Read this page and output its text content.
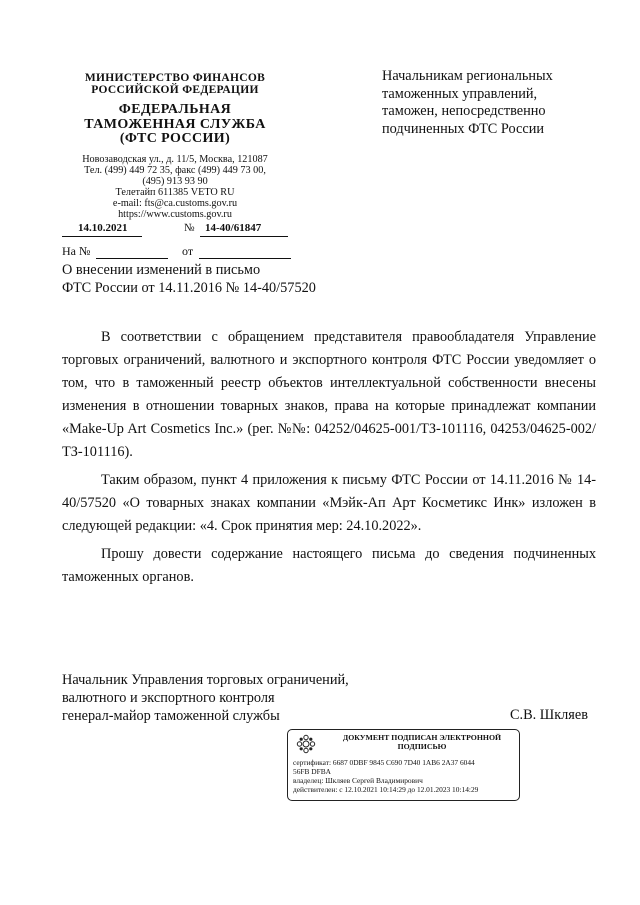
МИНИСТЕРСТВО ФИНАНСОВ
РОССИЙСКОЙ ФЕДЕРАЦИИ
ФЕДЕРАЛЬНАЯ
ТАМОЖЕННАЯ СЛУЖБА
(ФТС РОССИИ)
Новозаводская ул., д. 11/5, Москва, 121087
Тел. (499) 449 72 35, факс (499) 449 73 00,
(495) 913 93 90
Телетайп 611385 VETO RU
e-mail: fts@ca.customs.gov.ru
https://www.customs.gov.ru
14.10.2021	№ 14-40/61847
На №	от
Начальникам региональных
таможенных управлений,
таможен, непосредственно
подчиненных ФТС России
О внесении изменений в письмо
ФТС России от 14.11.2016 № 14-40/57520

В соответствии с обращением представителя правообладателя Управление торговых ограничений, валютного и экспортного контроля ФТС России уведомляет о том, что в таможенный реестр объектов интеллектуальной собственности внесены изменения в отношении товарных знаков, права на которые принадлежат компании «Make-Up Art Cosmetics Inc.» (рег. №№: 04252/04625-001/ТЗ-101116, 04253/04625-002/ТЗ-101116).

Таким образом, пункт 4 приложения к письму ФТС России от 14.11.2016 № 14-40/57520 «О товарных знаках компании «Мэйк-Ап Арт Косметикс Инк» изложен в следующей редакции: «4. Срок принятия мер: 24.10.2022».

Прошу довести содержание настоящего письма до сведения подчиненных таможенных органов.

Начальник Управления торговых ограничений,
валютного и экспортного контроля
генерал-майор таможенной службы	С.В. Шкляев
ДОКУМЕНТ ПОДПИСАН ЭЛЕКТРОННОЙ
ПОДПИСЬЮ
сертификат: 6687 0DBF 9845 C690 7D40 1AB6 2A37 6044
56FB DFBA
владелец: Шкляев Сергей Владимирович
действителен: с 12.10.2021 10:14:29 до 12.01.2023 10:14:29
